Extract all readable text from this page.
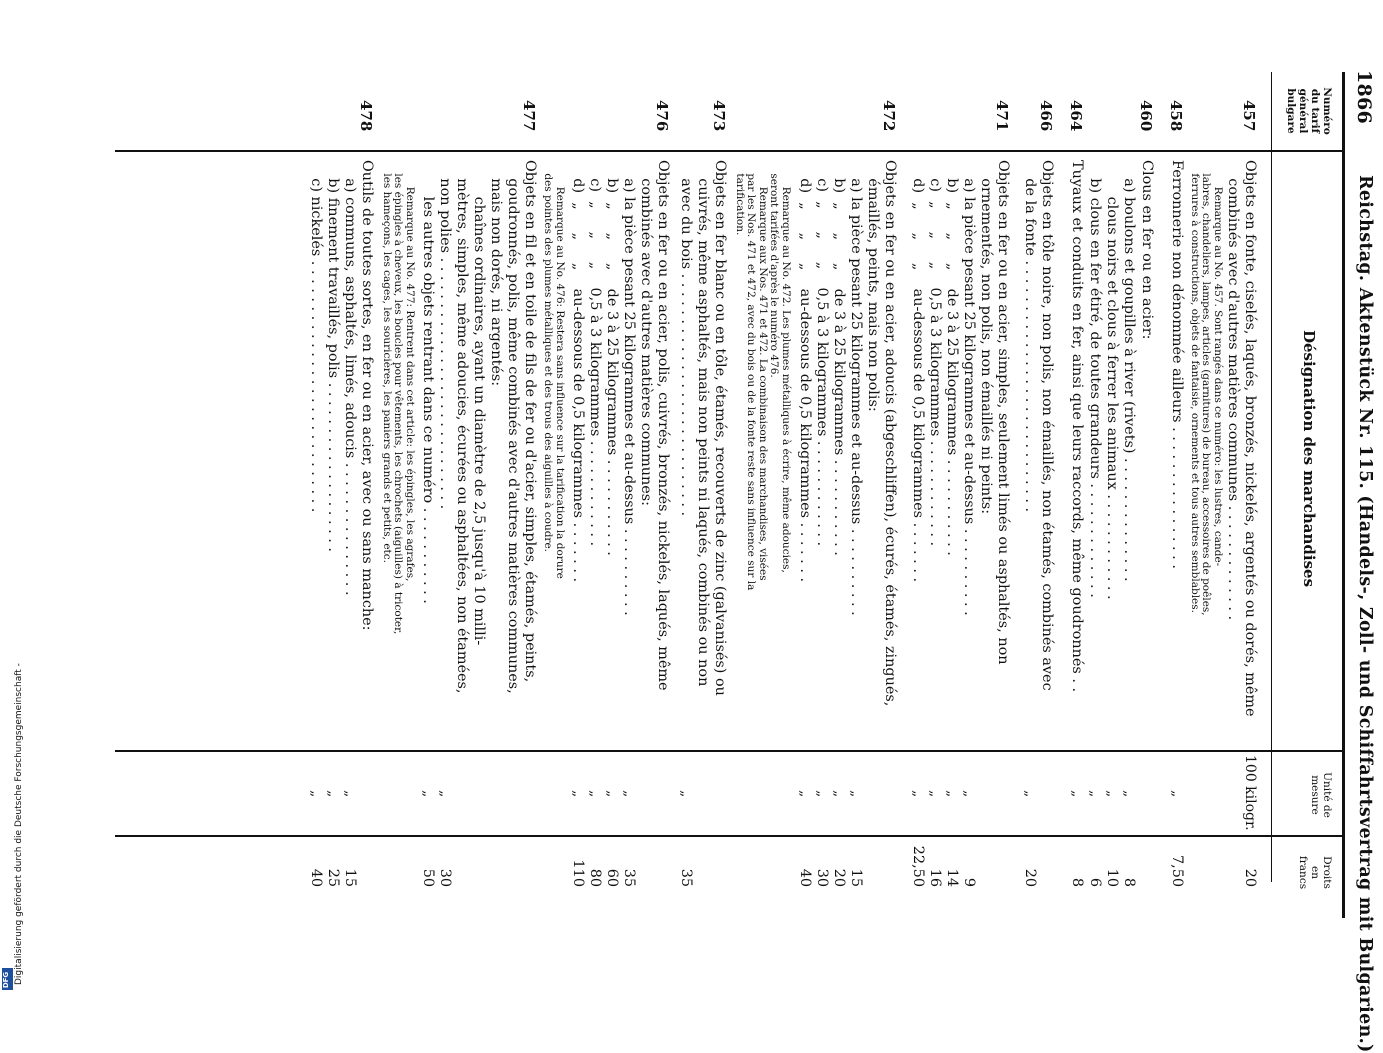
Digitalisierung gefördert durch die Deutsche Forschungsgemeinschaft -
DFG
1866
Reichstag. Aktenstück Nr. 115. (Handels-, Zoll- und Schiffahrtsvertrag mit Bulgarien.)
Numéro du tarif général bulgare
Désignation des marchandises
Unité de mesure
Droits en francs
457
Objets en fonte, ciselés, laqués, bronzés, nickelés, argentés ou dorés, même
combinés avec d'autres matières communes . . . . . . . . . . . . .
100 kilogr.
20
Remarque au No. 457. Sont rangés dans ce numéro: les lustres, cande-
labres, chandeliers, lampes, articles (garnitures) de bureau, accessoires de poêles,
ferrures à constructions, objets de fantaisie, ornements et tous autres semblables.
458
Ferronnerie non dénommée ailleurs . . . . . . . . . . . . . . . .
„
7,50
460
Clous en fer ou en acier:
a) boulons et goupilles à river (rivets) . . . . . . . . . . . . . .
clous noirs et clous à ferrer les animaux . . . . . . . . . . . .
b) clous en fer étiré, de toutes grandeurs . . . . . . . . . . . . .
„
„
„
8
10
6
464
Tuyaux et conduits en fer, ainsi que leurs raccords, même goudronnés . .
„
8
466
Objets en tôle noire, non polis, non émaillés, non étamés, combinés avec
de la fonte . . . . . . . . . . . . . . . . . . . . . . . . . . . .
„
20
471
Objets en fer ou en acier, simples, seulement limés ou asphaltés, non
ornementés, non polis, non émaillés ni peints:
a) la pièce pesant 25 kilogrammes et au-dessus . . . . . . . . . .
b)  „     „     „    de 3 à 25 kilogrammes . . . . . . . . . . .
c)  „     „     „    0,5 à 3 kilogrammes . . . . . . . . . . . .
d)  „     „     „    au-dessous de 0,5 kilogrammes . . . . . . .

„
„
„
„

9
14
16
22,50
472
Objets en fer ou en acier, adoucis (abgeschliffen), écurés, étamés, zingués,
émaillés, peints, mais non polis:
a) la pièce pesant 25 kilogrammes et au-dessus . . . . . . . . . .
b)  „     „     „    de 3 à 25 kilogrammes . . . . . . . . . . .
c)  „     „     „    0,5 à 3 kilogrammes . . . . . . . . . . . .
d)  „     „     „    au-dessous de 0,5 kilogrammes . . . . . . .

„
„
„
„

15
20
30
40
Remarque au No. 472. Les plumes métalliques à écrire, même adoucies,
seront tarifées d'après le numéro 476.
Remarque aux Nos. 471 et 472. La combinaison des marchandises, visées
par les Nos. 471 et 472, avec du bois ou de la fonte reste sans influence sur la
tarification.
473
Objets en fer blanc ou en tôle, étamés, recouverts de zinc (galvanisés) ou
cuivrés, même asphaltés, mais non peints ni laqués, combinés ou non
avec du bois . . . . . . . . . . . . . . . . . . . . . . . . . . .
„
35
476
Objets en fer ou en acier, polis, cuivrés, bronzés, nickelés, laqués, même
combinés avec d'autres matières communes:
a) la pièce pesant 25 kilogrammes et au-dessus . . . . . . . . . .
b)  „     „     „    de 3 à 25 kilogrammes . . . . . . . . . . .
c)  „     „     „    0,5 à 3 kilogrammes . . . . . . . . . . . .
d)  „     „     „    au-dessous de 0,5 kilogrammes . . . . . . .

„
„
„
„

35
60
80
110
Remarque au No. 476: Restera sans influence sur la tarification la dorure
des pointes des plumes métalliques et des trous des aiguilles à coudre.
477
Objets en fil et en toile de fils de fer ou d'acier, simples, étamés, peints,
goudronnés, polis, même combinés avec d'autres matières communes,
mais non dorés, ni argentés:
chaînes ordinaires, ayant un diamètre de 2,5 jusqu'à 10 milli-
mètres, simples, même adoucies, écurées ou asphaltées, non étamées,
non polies . . . . . . . . . . . . . . . . . . . . . . . . . . . .
les autres objets rentrant dans ce numéro . . . . . . . . . . .

„
„

30
50
Remarque au No. 477: Rentrent dans cet article: les épingles, les agrafes,
les épingles à cheveux, les boucles pour vêtements, les chrochets (aiguilles) à tricoter,
les hameçons, les cages, les souricières, les paniers grands et petits, etc.
478
Outils de toutes sortes, en fer ou en acier, avec ou sans manche:
a) communs, asphaltés, limés, adoucis . . . . . . . . . . . . . . .
b) finement travaillés, polis . . . . . . . . . . . . . . . . . . .
c) nickelés . . . . . . . . . . . . . . . . . . . . . . . . . . . .

„
„
„

15
25
40
